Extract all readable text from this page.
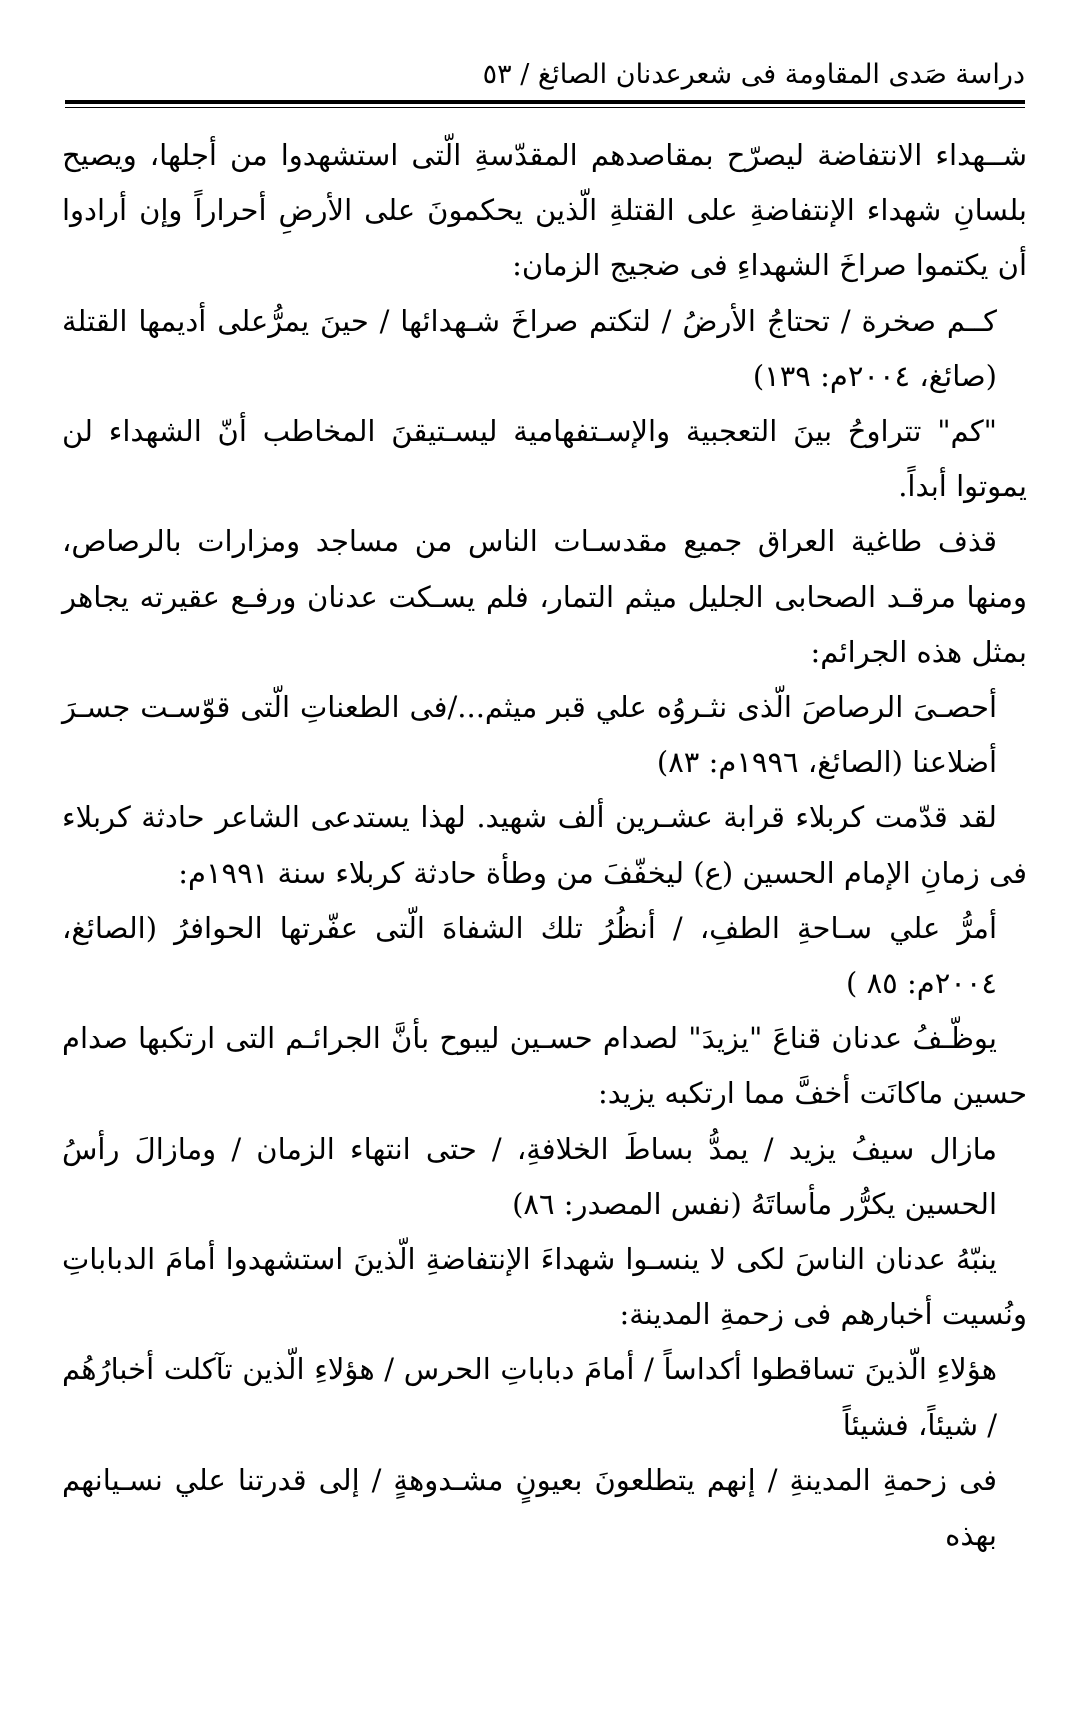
دراسة صَدى المقاومة فى شعرعدنان الصائغ / ٥٣

شــهداء الانتفاضة ليصرّح بمقاصدهم المقدّسةِ الّتى استشهدوا من أجلها، ويصيح بلسانِ شهداء الإنتفاضةِ على القتلةِ الّذين يحكمونَ على الأرضِ أحراراً وإن أرادوا أن يكتموا صراخَ الشهداءِ فى ضجيج الزمان:

كــم صخرة / تحتاجُ الأرضُ / لتكتم صراخَ شـهدائها / حينَ يمرُّعلى أديمها القتلة (صائغ، ٢٠٠٤م: ١٣٩)

"كم" تتراوحُ بينَ التعجبية والإسـتفهامية ليسـتيقنَ المخاطب أنّ الشهداء لن يموتوا أبداً.

قذف طاغية العراق جميع مقدسـات الناس من مساجد ومزارات بالرصاص، ومنها مرقـد الصحابى الجليل ميثم التمار، فلم يسـكت عدنان ورفـع عقيرته يجاهر بمثل هذه الجرائم:

أحصـىَ الرصاصَ الّذى نثـروُه علي قبر ميثم.../فى الطعناتِ الّتى قوّسـت جسـرَ أضلاعنا (الصائغ، ١٩٩٦م: ٨٣)

لقد قدّمت كربلاء قرابة عشـرين ألف شهيد. لهذا يستدعى الشاعر حادثة كربلاء فى زمانِ الإمام الحسين (ع) ليخفّفَ من وطأة حادثة كربلاء سنة ١٩٩١م:

أمرُّ علي سـاحةِ الطفِ، / أنظُرُ تلك الشفاهَ الّتى عفّرتها الحوافرُ (الصائغ، ٢٠٠٤م: ٨٥ )

يوظّـفُ عدنان قناعَ "يزيدَ" لصدام حسـين ليبوح بأنَّ الجرائـم التى ارتكبها صدام حسين ماكانَت أخفَّ مما ارتكبه يزيد:

مازال سيفُ يزيد / يمدُّ بساطَ الخلافةِ، / حتى انتهاء الزمان / ومازالَ رأسُ الحسين يكرُّر مأساتَهُ (نفس المصدر: ٨٦)

ينبّهُ عدنان الناسَ لكى لا ينسـوا شهداءَ الإنتفاضةِ الّذينَ استشهدوا أمامَ الدباباتِ ونُسيت أخبارهم فى زحمةِ المدينة:

هؤلاءِ الّذينَ تساقطوا أكداساً / أمامَ دباباتِ الحرس / هؤلاءِ الّذين تآكلت أخبارُهُم / شيئاً، فشيئاً

فى زحمةِ المدينةِ / إنهم يتطلعونَ بعيونٍ مشـدوهةٍ / إلى قدرتنا علي نسـيانهم بهذه
